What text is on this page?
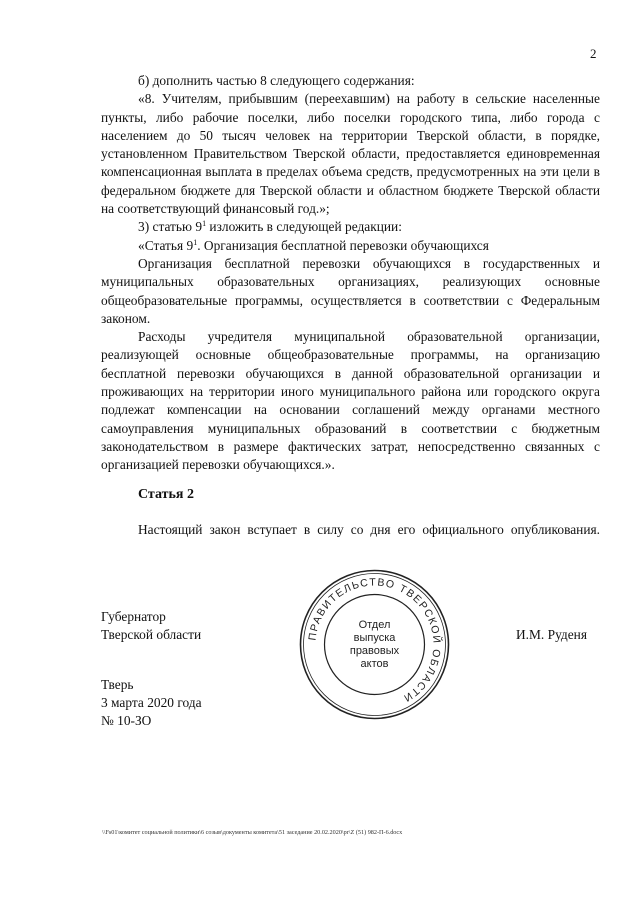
2

б) дополнить частью 8 следующего содержания:

«8. Учителям, прибывшим (переехавшим) на работу в сельские населенные пункты, либо рабочие поселки, либо поселки городского типа, либо города с населением до 50 тысяч человек на территории Тверской области, в порядке, установленном Правительством Тверской области, предоставляется единовременная компенсационная выплата в пределах объема средств, предусмотренных на эти цели в федеральном бюджете для Тверской области и областном бюджете Тверской области на соответствующий финансовый год.»;

3) статью $9^1$ изложить в следующей редакции:

«Статья $9^1$. Организация бесплатной перевозки обучающихся

Организация бесплатной перевозки обучающихся в государственных и муниципальных образовательных организациях, реализующих основные общеобразовательные программы, осуществляется в соответствии с Федеральным законом.

Расходы учредителя муниципальной образовательной организации, реализующей основные общеобразовательные программы, на организацию бесплатной перевозки обучающихся в данной образовательной организации и проживающих на территории иного муниципального района или городского округа подлежат компенсации на основании соглашений между органами местного самоуправления муниципальных образований в соответствии с бюджетным законодательством в размере фактических затрат, непосредственно связанных с организацией перевозки обучающихся.».

Статья 2

Настоящий закон вступает в силу со дня его официального опубликования.

Губернатор
Тверской области	ПРАВИТЕЛЬСТВО ТВЕРСКОЙ ОБЛАСТИ
Отдел
выпуска
правовых
актов
И.М. Руденя
Тверь
3 марта 2020 года
№ 10-ЗО
\\Fs01\комитет социальной политики\6 созыв\документы комитета\51 заседание 20.02.2020\pr\Z (51) 982-П-6.docx
